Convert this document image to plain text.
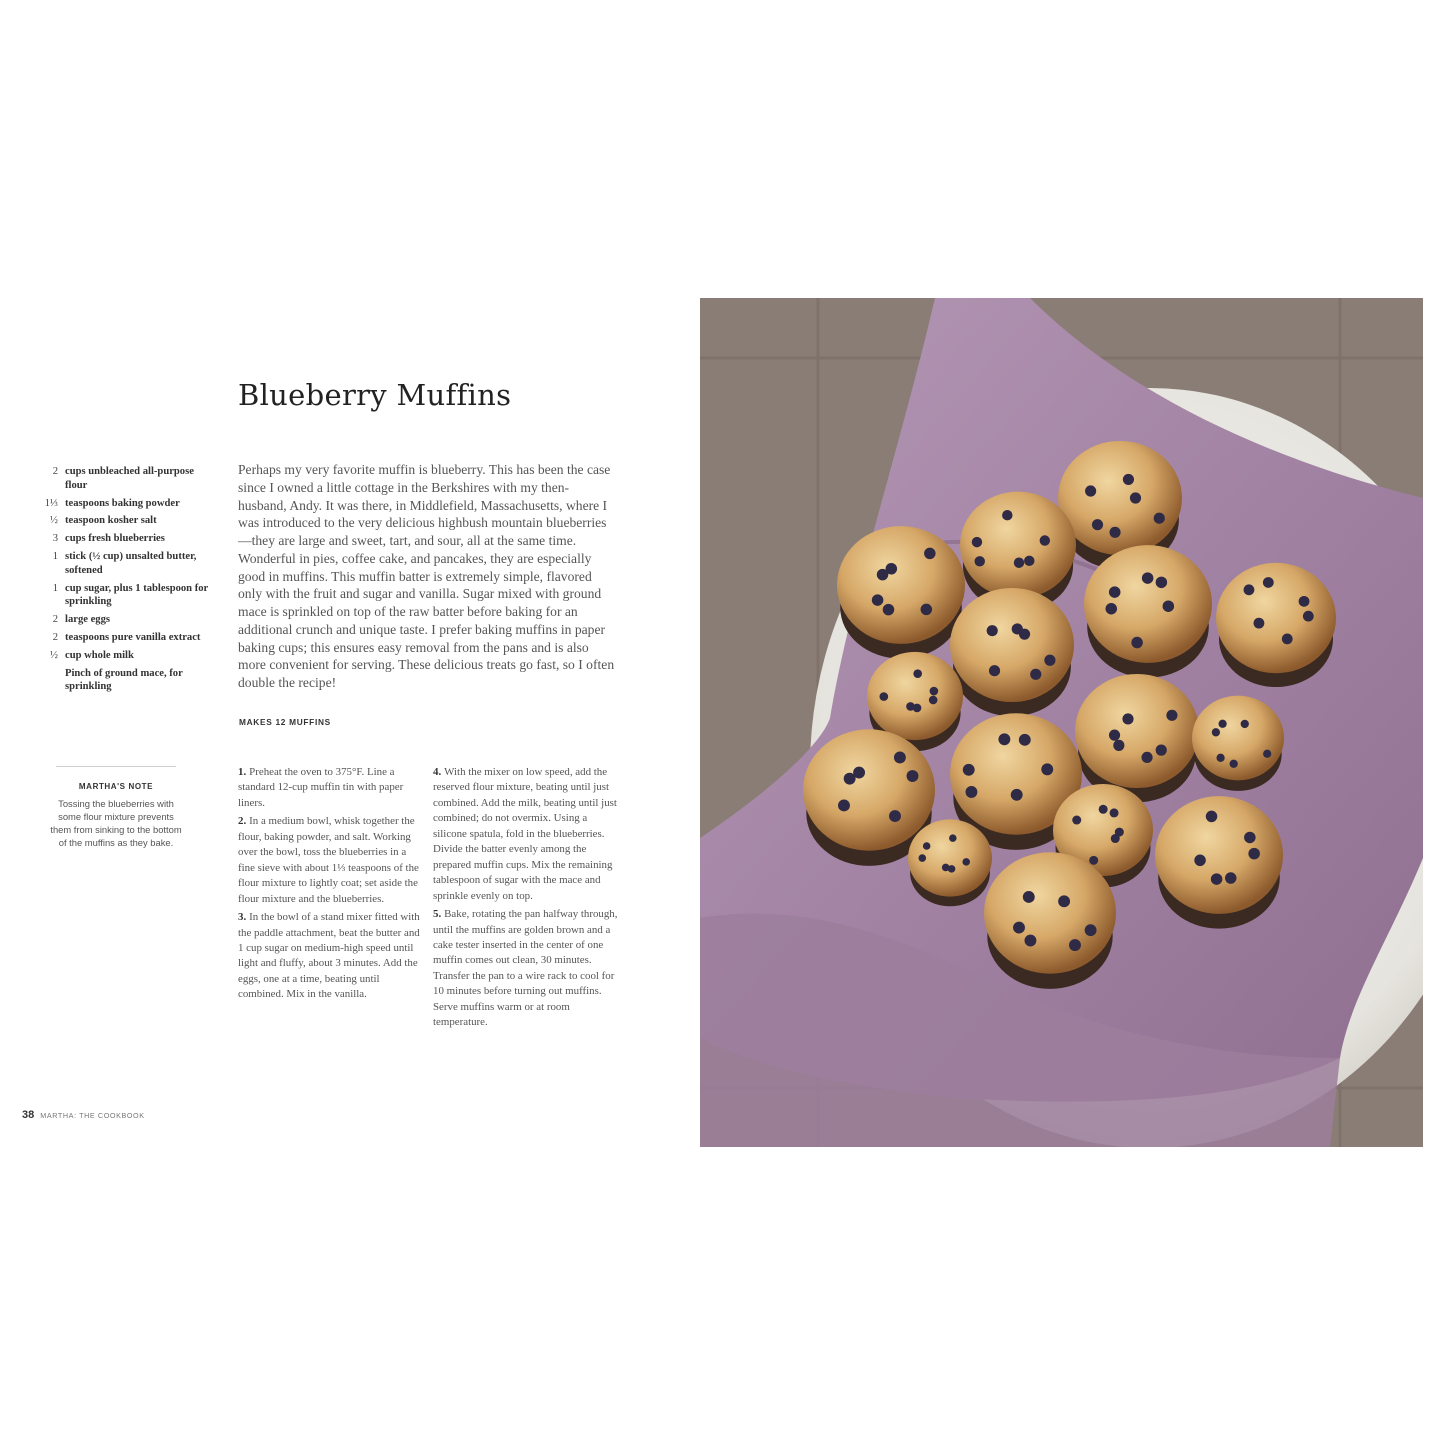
Blueberry Muffins
2 cups unbleached all-purpose flour
1⅓ teaspoons baking powder
½ teaspoon kosher salt
3 cups fresh blueberries
1 stick (½ cup) unsalted butter, softened
1 cup sugar, plus 1 tablespoon for sprinkling
2 large eggs
2 teaspoons pure vanilla extract
½ cup whole milk
Pinch of ground mace, for sprinkling

Perhaps my very favorite muffin is blueberry. This has been the case since I owned a little cottage in the Berkshires with my then-husband, Andy. It was there, in Middlefield, Massachusetts, where I was introduced to the very delicious highbush mountain blueberries—they are large and sweet, tart, and sour, all at the same time. Wonderful in pies, coffee cake, and pancakes, they are especially good in muffins. This muffin batter is extremely simple, flavored only with the fruit and sugar and vanilla. Sugar mixed with ground mace is sprinkled on top of the raw batter before baking for an additional crunch and unique taste. I prefer baking muffins in paper baking cups; this ensures easy removal from the pans and is also more convenient for serving. These delicious treats go fast, so I often double the recipe!

MAKES 12 MUFFINS
MARTHA'S NOTE

Tossing the blueberries with some flour mixture prevents them from sinking to the bottom of the muffins as they bake.

1. Preheat the oven to 375°F. Line a standard 12-cup muffin tin with paper liners.

2. In a medium bowl, whisk together the flour, baking powder, and salt. Working over the bowl, toss the blueberries in a fine sieve with about 1⅓ teaspoons of the flour mixture to lightly coat; set aside the flour mixture and the blueberries.

3. In the bowl of a stand mixer fitted with the paddle attachment, beat the butter and 1 cup sugar on medium-high speed until light and fluffy, about 3 minutes. Add the eggs, one at a time, beating until combined. Mix in the vanilla.

4. With the mixer on low speed, add the reserved flour mixture, beating until just combined. Add the milk, beating until just combined; do not overmix. Using a silicone spatula, fold in the blueberries. Divide the batter evenly among the prepared muffin cups. Mix the remaining tablespoon of sugar with the mace and sprinkle evenly on top.

5. Bake, rotating the pan halfway through, until the muffins are golden brown and a cake tester inserted in the center of one muffin comes out clean, 30 minutes. Transfer the pan to a wire rack to cool for 10 minutes before turning out muffins. Serve muffins warm or at room temperature.

38 MARTHA: THE COOKBOOK
